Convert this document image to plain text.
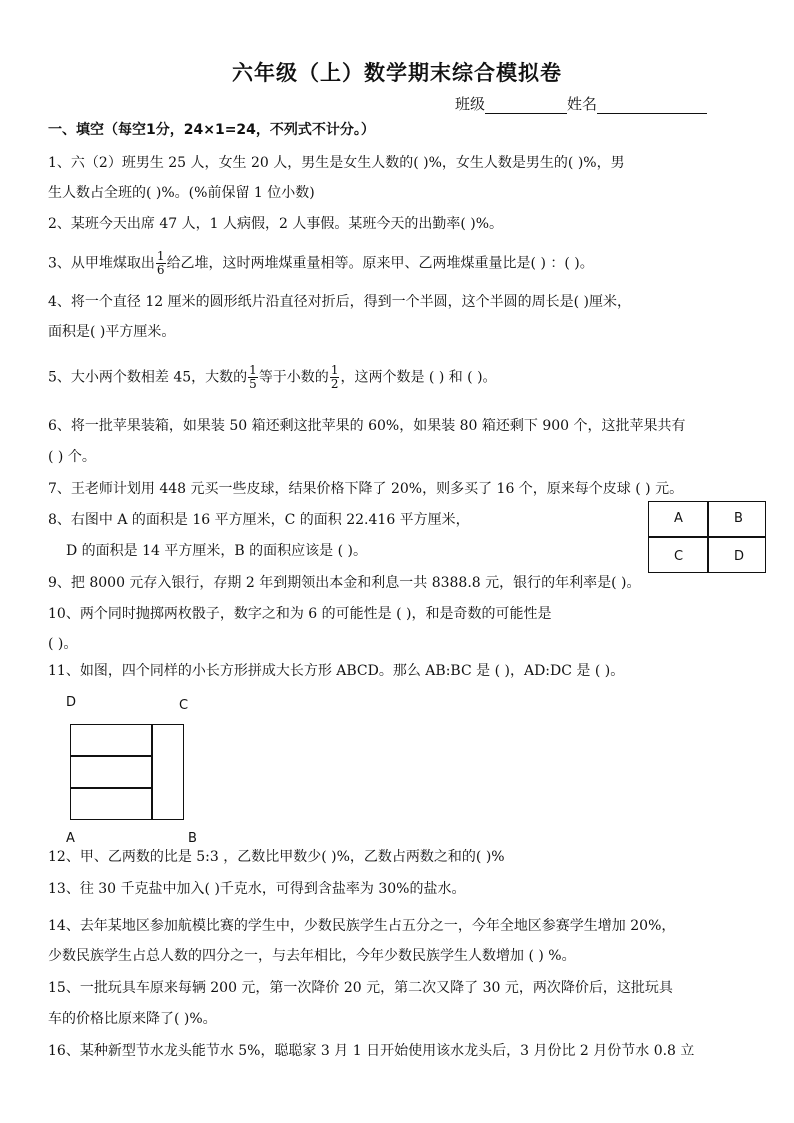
六年级（上）数学期末综合模拟卷
班级	姓名
一、填空（每空1分，24×1=24，不列式不计分。）
1、六（2）班男生 25 人，女生 20 人，男生是女生人数的( )%，女生人数是男生的( )%，男
生人数占全班的( )%。(%前保留 1 位小数)
2、某班今天出席 47 人，1 人病假，2 人事假。某班今天的出勤率( )%。
3、从甲堆煤取出 $\frac{1}{6}$ 给乙堆，这时两堆煤重量相等。原来甲、乙两堆煤重量比是( ) ：( )。
4、将一个直径 12 厘米的圆形纸片沿直径对折后，得到一个半圆，这个半圆的周长是( )厘米，
面积是( )平方厘米。
5、大小两个数相差 45，大数的 $\frac{1}{5}$ 等于小数的 $\frac{1}{2}$ ，这两个数是 ( ) 和 ( )。
6、将一批苹果装箱，如果装 50 箱还剩这批苹果的 60%，如果装 80 箱还剩下 900 个，这批苹果共有
( ) 个。
7、王老师计划用 448 元买一些皮球，结果价格下降了 20%，则多买了 16 个，原来每个皮球 ( ) 元。
8、右图中 A 的面积是 16 平方厘米，C 的面积 22.416 平方厘米，
D 的面积是 14 平方厘米，B 的面积应该是 ( )。
A	B
C	D
9、把 8000 元存入银行，存期 2 年到期领出本金和利息一共 8388.8 元，银行的年利率是( )。
10、两个同时抛掷两枚骰子，数字之和为 6 的可能性是 ( )，和是奇数的可能性是
( )。
11、如图，四个同样的小长方形拼成大长方形 ABCD。那么 AB:BC 是 ( )，AD:DC 是 ( )。
D	C
A	B
12、甲、乙两数的比是 5:3 ，乙数比甲数少( )%，乙数占两数之和的( )%
13、往 30 千克盐中加入( )千克水，可得到含盐率为 30%的盐水。
14、去年某地区参加航模比赛的学生中，少数民族学生占五分之一，今年全地区参赛学生增加 20%，
少数民族学生占总人数的四分之一，与去年相比，今年少数民族学生人数增加 ( ) %。
15、一批玩具车原来每辆 200 元，第一次降价 20 元，第二次又降了 30 元，两次降价后，这批玩具
车的价格比原来降了( )%。
16、某种新型节水龙头能节水 5%，聪聪家 3 月 1 日开始使用该水龙头后，3 月份比 2 月份节水 0.8 立
